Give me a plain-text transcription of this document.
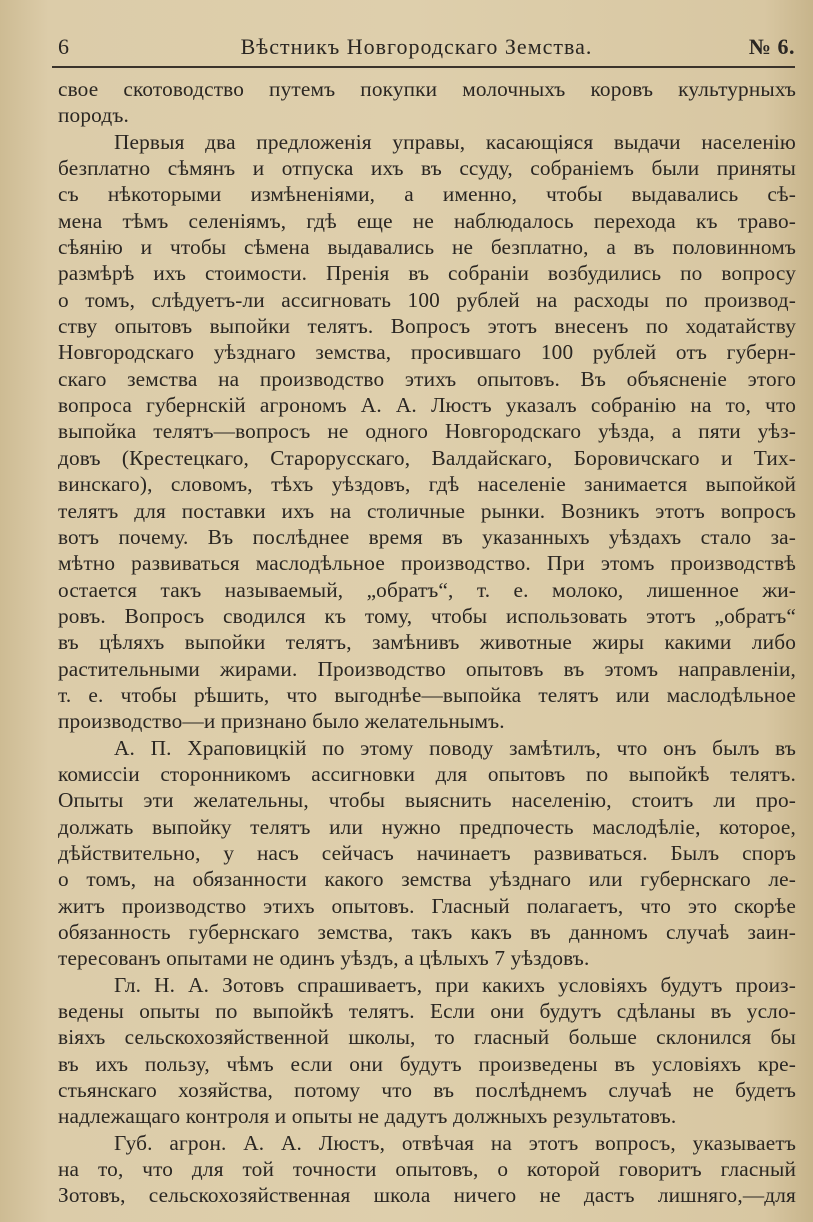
6	Вѣстникъ Новгородскаго Земства.	№ 6.
свое скотоводство путемъ покупки молочныхъ коровъ культурныхъ
породъ.
Первыя два предложенія управы, касающіяся выдачи населенію
безплатно сѣмянъ и отпуска ихъ въ ссуду, собраніемъ были приняты
съ нѣкоторыми измѣненіями, а именно, чтобы выдавались сѣ-
мена тѣмъ селеніямъ, гдѣ еще не наблюдалось перехода къ траво-
сѣянію и чтобы сѣмена выдавались не безплатно, а въ половинномъ
размѣрѣ ихъ стоимости. Пренія въ собраніи возбудились по вопросу
о томъ, слѣдуетъ-ли ассигновать 100 рублей на расходы по производ-
ству опытовъ выпойки телятъ. Вопросъ этотъ внесенъ по ходатайству
Новгородскаго уѣзднаго земства, просившаго 100 рублей отъ губерн-
скаго земства на производство этихъ опытовъ. Въ объясненіе этого
вопроса губернскій агрономъ А. А. Люстъ указалъ собранію на то, что
выпойка телятъ—вопросъ не одного Новгородскаго уѣзда, а пяти уѣз-
довъ (Крестецкаго, Старорусскаго, Валдайскаго, Боровичскаго и Тих-
винскаго), словомъ, тѣхъ уѣздовъ, гдѣ населеніе занимается выпойкой
телятъ для поставки ихъ на столичные рынки. Возникъ этотъ вопросъ
вотъ почему. Въ послѣднее время въ указанныхъ уѣздахъ стало за-
мѣтно развиваться маслодѣльное производство. При этомъ производствѣ
остается такъ называемый, „обратъ“, т. е. молоко, лишенное жи-
ровъ. Вопросъ сводился къ тому, чтобы использовать этотъ „обратъ“
въ цѣляхъ выпойки телятъ, замѣнивъ животные жиры какими либо
растительными жирами. Производство опытовъ въ этомъ направленіи,
т. е. чтобы рѣшить, что выгоднѣе—выпойка телятъ или маслодѣльное
производство—и признано было желательнымъ.
А. П. Храповицкій по этому поводу замѣтилъ, что онъ былъ въ
комиссіи сторонникомъ ассигновки для опытовъ по выпойкѣ телятъ.
Опыты эти желательны, чтобы выяснить населенію, стоитъ ли про-
должать выпойку телятъ или нужно предпочесть маслодѣліе, которое,
дѣйствительно, у насъ сейчасъ начинаетъ развиваться. Былъ споръ
о томъ, на обязанности какого земства уѣзднаго или губернскаго ле-
житъ производство этихъ опытовъ. Гласный полагаетъ, что это скорѣе
обязанность губернскаго земства, такъ какъ въ данномъ случаѣ заин-
тересованъ опытами не одинъ уѣздъ, а цѣлыхъ 7 уѣздовъ.
Гл. Н. А. Зотовъ спрашиваетъ, при какихъ условіяхъ будутъ произ-
ведены опыты по выпойкѣ телятъ. Если они будутъ сдѣланы въ усло-
віяхъ сельскохозяйственной школы, то гласный больше склонился бы
въ ихъ пользу, чѣмъ если они будутъ произведены въ условіяхъ кре-
стьянскаго хозяйства, потому что въ послѣднемъ случаѣ не будетъ
надлежащаго контроля и опыты не дадутъ должныхъ результатовъ.
Губ. агрон. А. А. Люстъ, отвѣчая на этотъ вопросъ, указываетъ
на то, что для той точности опытовъ, о которой говоритъ гласный
Зотовъ, сельскохозяйственная школа ничего не дастъ лишняго,—для
